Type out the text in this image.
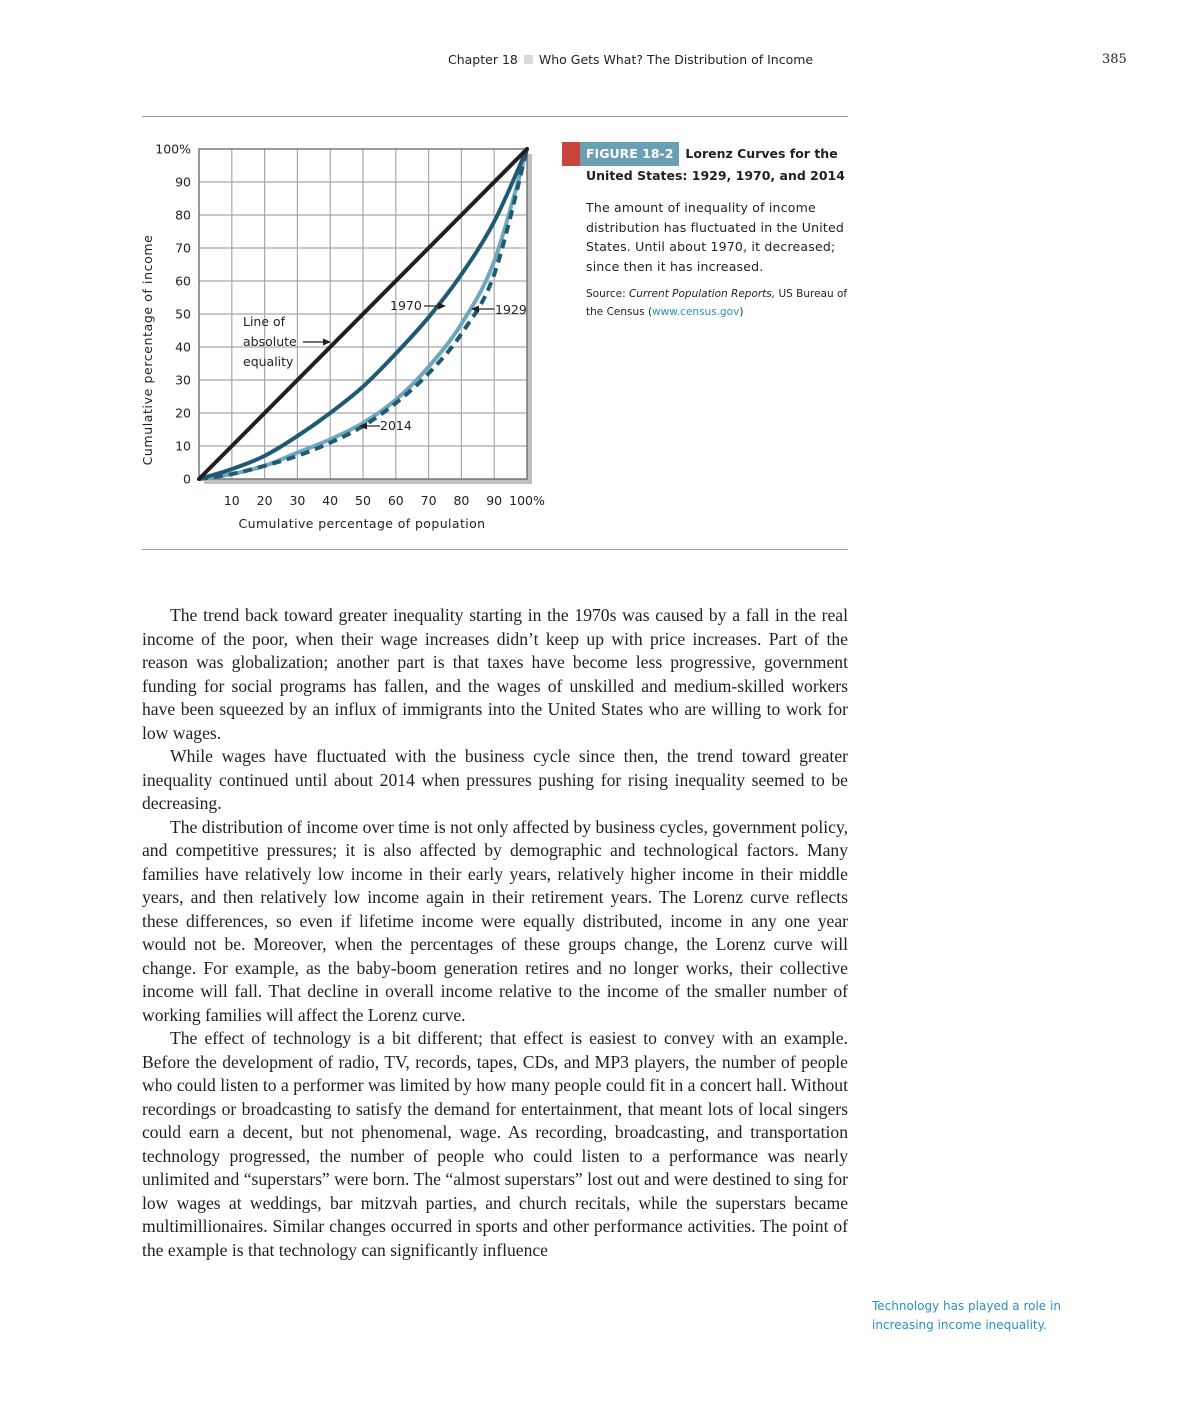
Chapter 18 Who Gets What? The Distribution of Income	385
0
10
20
30
40
50
60
70
80
90
100%
10 20 30 40 50 60 70 80 90 100%
Line of
absolute
equality
1970	1929
2014
Cumulative percentage of income
Cumulative percentage of population
FIGURE 18-2 Lorenz Curves for the
United States: 1929, 1970, and 2014
The amount of inequality of income distribution has fluctuated in the United States. Until about 1970, it decreased; since then it has increased.
Source: Current Population Reports, US Bureau of the Census (www.census.gov)

The trend back toward greater inequality starting in the 1970s was caused by a fall in the real income of the poor, when their wage increases didn’t keep up with price increases. Part of the reason was globalization; another part is that taxes have become less progressive, government funding for social programs has fallen, and the wages of unskilled and medium-skilled workers have been squeezed by an influx of immigrants into the United States who are willing to work for low wages.

While wages have fluctuated with the business cycle since then, the trend toward greater inequality continued until about 2014 when pressures pushing for rising inequality seemed to be decreasing.

The distribution of income over time is not only affected by business cycles, government policy, and competitive pressures; it is also affected by demographic and technological factors. Many families have relatively low income in their early years, relatively higher income in their middle years, and then relatively low income again in their retirement years. The Lorenz curve reflects these differences, so even if lifetime income were equally distributed, income in any one year would not be. Moreover, when the percentages of these groups change, the Lorenz curve will change. For example, as the baby-boom generation retires and no longer works, their collective income will fall. That decline in overall income relative to the income of the smaller number of working families will affect the Lorenz curve.

The effect of technology is a bit different; that effect is easiest to convey with an example. Before the development of radio, TV, records, tapes, CDs, and MP3 players, the number of people who could listen to a performer was limited by how many people could fit in a concert hall. Without recordings or broadcasting to satisfy the demand for entertainment, that meant lots of local singers could earn a decent, but not phenomenal, wage. As recording, broadcasting, and transportation technology progressed, the number of people who could listen to a performance was nearly unlimited and “superstars” were born. The “almost superstars” lost out and were destined to sing for low wages at weddings, bar mitzvah parties, and church recitals, while the superstars became multimillionaires. Similar changes occurred in sports and other performance activities. The point of the example is that technology can significantly influence

Technology has played a role in increasing income inequality.
